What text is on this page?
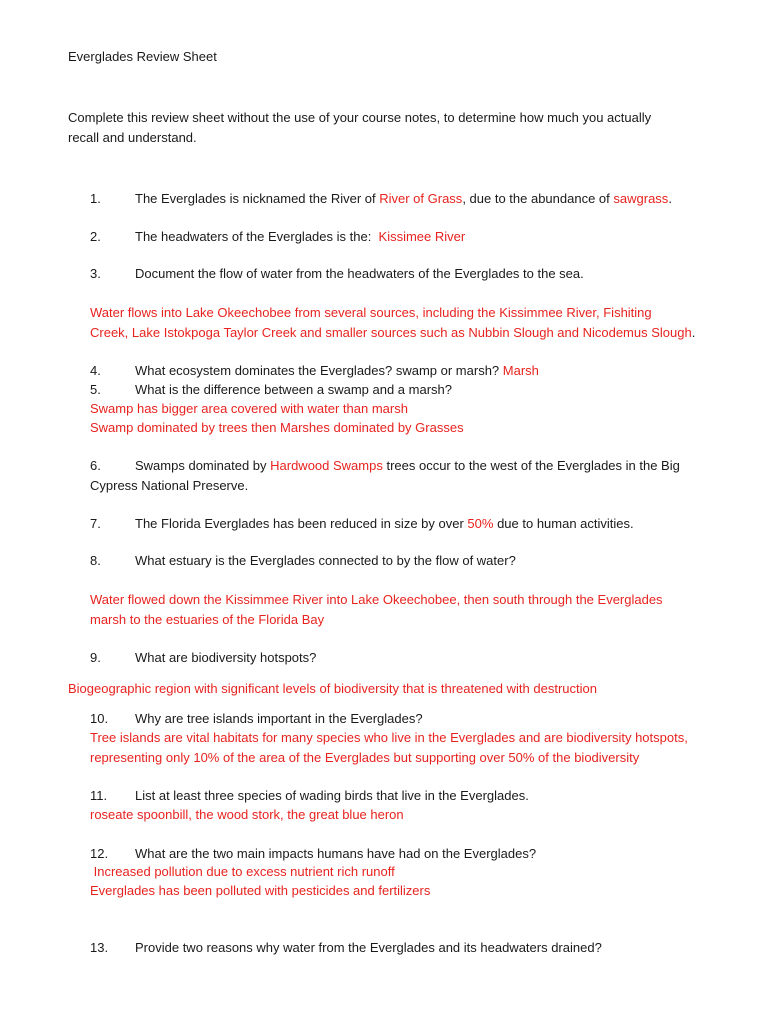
Everglades Review Sheet
Complete this review sheet without the use of your course notes, to determine how much you actually
recall and understand.
1.	The Everglades is nicknamed the River of River of Grass, due to the abundance of sawgrass.
2.	The headwaters of the Everglades is the:  Kissimee River
3.	Document the flow of water from the headwaters of the Everglades to the sea.
Water flows into Lake Okeechobee from several sources, including the Kissimmee River, Fishiting
Creek, Lake Istokpoga Taylor Creek and smaller sources such as Nubbin Slough and Nicodemus Slough.
4.	What ecosystem dominates the Everglades? swamp or marsh? Marsh
5.	What is the difference between a swamp and a marsh?
Swamp has bigger area covered with water than marsh
Swamp dominated by trees then Marshes dominated by Grasses
6.	Swamps dominated by Hardwood Swamps trees occur to the west of the Everglades in the Big
Cypress National Preserve.
7.	The Florida Everglades has been reduced in size by over 50% due to human activities.
8.	What estuary is the Everglades connected to by the flow of water?
Water flowed down the Kissimmee River into Lake Okeechobee, then south through the Everglades
marsh to the estuaries of the Florida Bay
9.	What are biodiversity hotspots?
Biogeographic region with significant levels of biodiversity that is threatened with destruction
10. Why are tree islands important in the Everglades?
Tree islands are vital habitats for many species who live in the Everglades and are biodiversity hotspots,
representing only 10% of the area of the Everglades but supporting over 50% of the biodiversity
11. List at least three species of wading birds that live in the Everglades.
roseate spoonbill, the wood stork, the great blue heron
12. What are the two main impacts humans have had on the Everglades?
Increased pollution due to excess nutrient rich runoff
Everglades has been polluted with pesticides and fertilizers
13. Provide two reasons why water from the Everglades and its headwaters drained?
